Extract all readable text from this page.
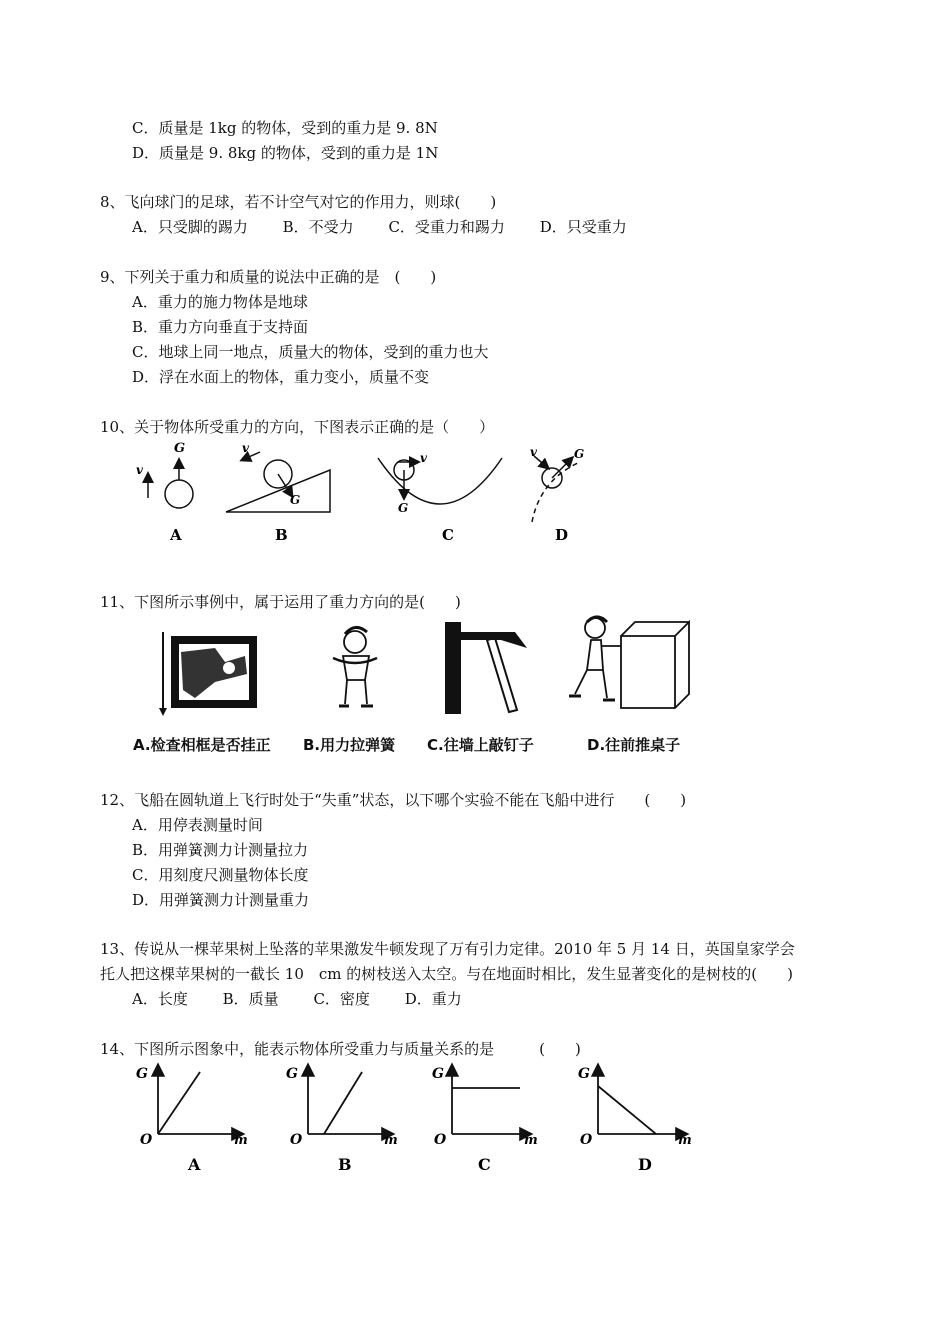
C．质量是 1kg 的物体，受到的重力是 9. 8N
D．质量是 9. 8kg 的物体，受到的重力是 1N
8、飞向球门的足球，若不计空气对它的作用力，则球(　　)
A．只受脚的踢力 B．不受力 C．受重力和踢力 D．只受重力
9、下列关于重力和质量的说法中正确的是　(　　)
A．重力的施力物体是地球
B．重力方向垂直于支持面
C．地球上同一地点，质量大的物体，受到的重力也大
D．浮在水面上的物体，重力变小，质量不变
10、关于物体所受重力的方向，下图表示正确的是（　　）
v
G
A
G
v
B
G
v
C
G
v
D
11、下图所示事例中，属于运用了重力方向的是(　　)
A.检查相框是否挂正 B.用力拉弹簧 C.往墙上敲钉子	D.往前推桌子
12、飞船在圆轨道上飞行时处于“失重”状态，以下哪个实验不能在飞船中进行　　(　　)
A．用停表测量时间
B．用弹簧测力计测量拉力
C．用刻度尺测量物体长度
D．用弹簧测力计测量重力
13、传说从一棵苹果树上坠落的苹果激发牛顿发现了万有引力定律。2010 年 5 月 14 日，英国皇家学会
托人把这棵苹果树的一截长 10　cm 的树枝送入太空。与在地面时相比，发生显著变化的是树枝的(　　)
A．长度 B．质量 C．密度 D．重力
14、下图所示图象中，能表示物体所受重力与质量关系的是　　　(　　)
G
O	m
A
G
O	m
B
G
O	m
C
G
O	m
D
